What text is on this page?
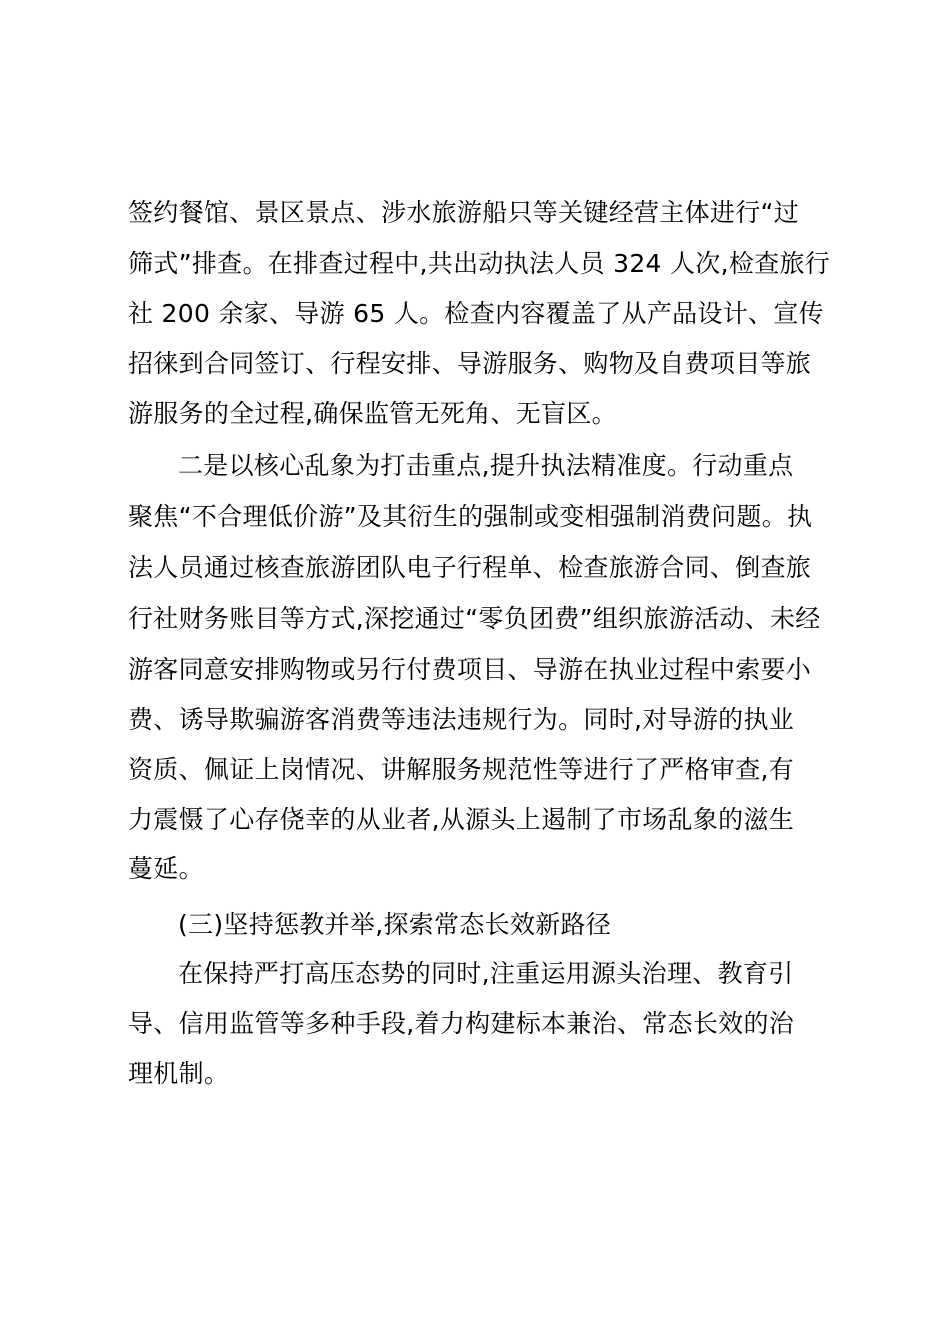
签约餐馆、景区景点、涉水旅游船只等关键经营主体进行“过
筛式”排查。在排查过程中,共出动执法人员 324 人次,检查旅行
社 200 余家、导游 65 人。检查内容覆盖了从产品设计、宣传
招徕到合同签订、行程安排、导游服务、购物及自费项目等旅
游服务的全过程,确保监管无死角、无盲区。
二是以核心乱象为打击重点,提升执法精准度。行动重点
聚焦“不合理低价游”及其衍生的强制或变相强制消费问题。执
法人员通过核查旅游团队电子行程单、检查旅游合同、倒查旅
行社财务账目等方式,深挖通过“零负团费”组织旅游活动、未经
游客同意安排购物或另行付费项目、导游在执业过程中索要小
费、诱导欺骗游客消费等违法违规行为。同时,对导游的执业
资质、佩证上岗情况、讲解服务规范性等进行了严格审查,有
力震慑了心存侥幸的从业者,从源头上遏制了市场乱象的滋生
蔓延。
(三)坚持惩教并举,探索常态长效新路径
在保持严打高压态势的同时,注重运用源头治理、教育引
导、信用监管等多种手段,着力构建标本兼治、常态长效的治
理机制。
